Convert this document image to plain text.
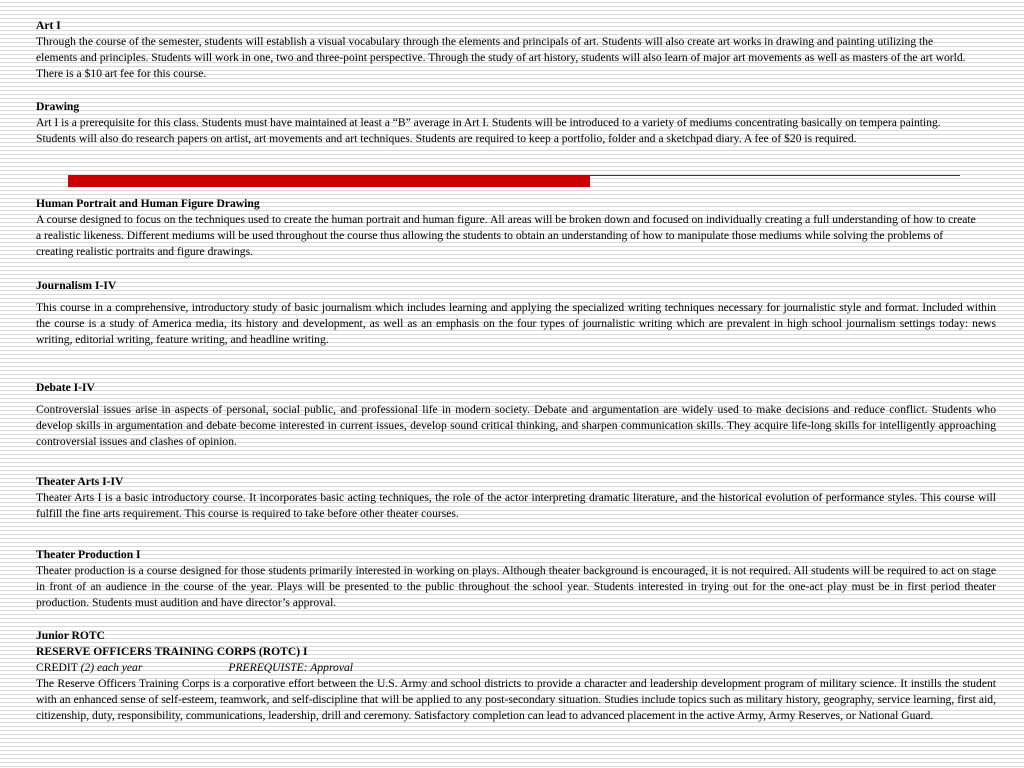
Art I
Through the course of the semester, students will establish a visual vocabulary through the elements and principals of art. Students will also create art works in drawing and painting utilizing the elements and principles. Students will work in one, two and three-point perspective. Through the study of art history, students will also learn of major art movements as well as masters of the art world. There is a $10 art fee for this course.
Drawing
Art I is a prerequisite for this class. Students must have maintained at least a “B” average in Art I. Students will be introduced to a variety of mediums concentrating basically on tempera painting. Students will also do research papers on artist, art movements and art techniques. Students are required to keep a portfolio, folder and a sketchpad diary. A fee of $20 is required.
Human Portrait and Human Figure Drawing
A course designed to focus on the techniques used to create the human portrait and human figure. All areas will be broken down and focused on individually creating a full understanding of how to create a realistic likeness. Different mediums will be used throughout the course thus allowing the students to obtain an understanding of how to manipulate those mediums while solving the problems of creating realistic portraits and figure drawings.
Journalism I-IV
This course in a comprehensive, introductory study of basic journalism which includes learning and applying the specialized writing techniques necessary for journalistic style and format. Included within the course is a study of America media, its history and development, as well as an emphasis on the four types of journalistic writing which are prevalent in high school journalism settings today: news writing, editorial writing, feature writing, and headline writing.
Debate I-IV
Controversial issues arise in aspects of personal, social public, and professional life in modern society. Debate and argumentation are widely used to make decisions and reduce conflict. Students who develop skills in argumentation and debate become interested in current issues, develop sound critical thinking, and sharpen communication skills. They acquire life-long skills for intelligently approaching controversial issues and clashes of opinion.
Theater Arts I-IV
Theater Arts I is a basic introductory course. It incorporates basic acting techniques, the role of the actor interpreting dramatic literature, and the historical evolution of performance styles. This course will fulfill the fine arts requirement. This course is required to take before other theater courses.
Theater Production I
Theater production is a course designed for those students primarily interested in working on plays. Although theater background is encouraged, it is not required. All students will be required to act on stage in front of an audience in the course of the year. Plays will be presented to the public throughout the school year. Students interested in trying out for the one-act play must be in first period theater production. Students must audition and have director’s approval.
Junior ROTC
RESERVE OFFICERS TRAINING CORPS (ROTC) I
CREDIT (2) each year	PREREQUISTE: Approval
The Reserve Officers Training Corps is a corporative effort between the U.S. Army and school districts to provide a character and leadership development program of military science. It instills the student with an enhanced sense of self-esteem, teamwork, and self-discipline that will be applied to any post-secondary situation. Studies include topics such as military history, geography, service learning, first aid, citizenship, duty, responsibility, communications, leadership, drill and ceremony. Satisfactory completion can lead to advanced placement in the active Army, Army Reserves, or National Guard.
